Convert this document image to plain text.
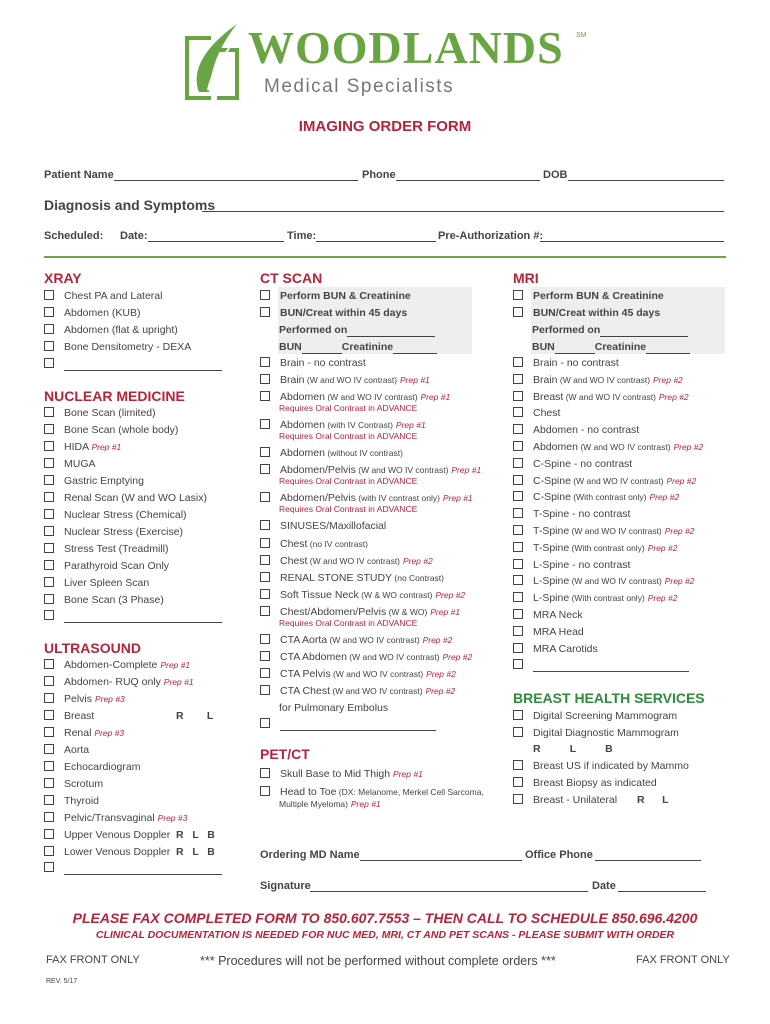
WOODLANDS SM
Medical Specialists
IMAGING ORDER FORM
Patient Name	Phone	DOB
Diagnosis and Symptoms
Scheduled: Date:	Time:	Pre-Authorization #:
XRAY
Chest PA and Lateral
Abdomen (KUB)
Abdomen (flat & upright)
Bone Densitometry - DEXA
NUCLEAR MEDICINE
Bone Scan (limited)
Bone Scan (whole body)
HIDA Prep #1
MUGA
Gastric Emptying
Renal Scan (W and WO Lasix)
Nuclear Stress (Chemical)
Nuclear Stress (Exercise)
Stress Test (Treadmill)
Parathyroid Scan Only
Liver Spleen Scan
Bone Scan (3 Phase)
ULTRASOUND
Abdomen-Complete Prep #1
Abdomen- RUQ only Prep #1
Pelvis Prep #3
Breast	R        L
Renal Prep #3
Aorta
Echocardiogram
Scrotum
Thyroid
Pelvic/Transvaginal Prep #3
Upper Venous Doppler R   L   B
Lower Venous Doppler R   L   B
CT SCAN
Perform BUN & Creatinine
BUN/Creat within 45 days
Performed on
BUN	Creatinine
Brain - no contrast
Brain (W and WO IV contrast) Prep #1
Abdomen (W and WO IV contrast) Prep #1
Requires Oral Contrast in ADVANCE
Abdomen (with IV Contrast) Prep #1
Requires Oral Contrast in ADVANCE
Abdomen (without IV contrast)
Abdomen/Pelvis (W and WO IV contrast) Prep #1
Requires Oral Contrast in ADVANCE
Abdomen/Pelvis (with IV contrast only) Prep #1
Requires Oral Contrast in ADVANCE
SINUSES/Maxillofacial
Chest (no IV contrast)
Chest (W and WO IV contrast) Prep #2
RENAL STONE STUDY (no Contrast)
Soft Tissue Neck (W & WO contrast) Prep #2
Chest/Abdomen/Pelvis (W & WO) Prep #1
Requires Oral Contrast in ADVANCE
CTA Aorta (W and WO IV contrast) Prep #2
CTA Abdomen (W and WO IV contrast) Prep #2
CTA Pelvis (W and WO IV contrast) Prep #2
CTA Chest (W and WO IV contrast) Prep #2
for Pulmonary Embolus
PET/CT
Skull Base to Mid Thigh Prep #1
Head to Toe (DX: Melanome, Merkel Cell Sarcoma,
Multiple Myeloma) Prep #1
MRI
Perform BUN & Creatinine
BUN/Creat within 45 days
Performed on
BUN	Creatinine
Brain - no contrast
Brain (W and WO IV contrast) Prep #2
Breast (W and WO IV contrast) Prep #2
Chest
Abdomen - no contrast
Abdomen (W and WO IV contrast) Prep #2
C-Spine - no contrast
C-Spine (W and WO IV contrast) Prep #2
C-Spine (With contrast only) Prep #2
T-Spine - no contrast
T-Spine (W and WO IV contrast) Prep #2
T-Spine (With contrast only) Prep #2
L-Spine - no contrast
L-Spine (W and WO IV contrast) Prep #2
L-Spine (With contrast only) Prep #2
MRA Neck
MRA Head
MRA Carotids
BREAST HEALTH SERVICES
Digital Screening Mammogram
Digital Diagnostic Mammogram
R          L          B
Breast US if indicated by Mammo
Breast Biopsy as indicated
Breast - Unilateral R      L
Ordering MD Name	Office Phone
Signature	Date
PLEASE FAX COMPLETED FORM TO 850.607.7553 – THEN CALL TO SCHEDULE 850.696.4200
CLINICAL DOCUMENTATION IS NEEDED FOR NUC MED, MRI, CT AND PET SCANS - PLEASE SUBMIT WITH ORDER
FAX FRONT ONLY	*** Procedures will not be performed without complete orders ***	FAX FRONT ONLY
REV. 5/17
